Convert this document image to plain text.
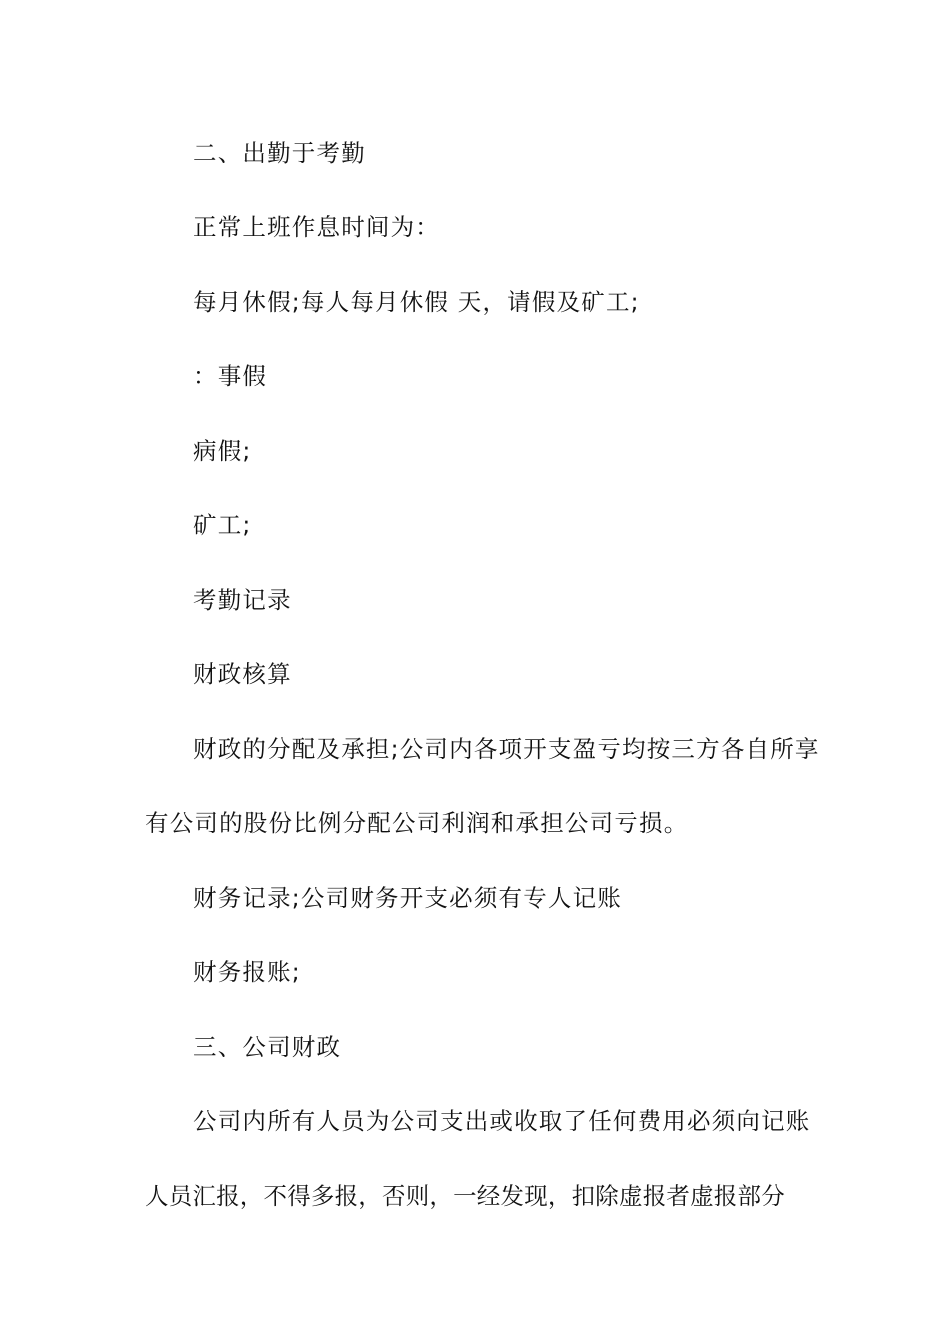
二、出勤于考勤
正常上班作息时间为：
每月休假;每人每月休假 天，请假及矿工;
：事假
病假;
矿工;
考勤记录
财政核算
财政的分配及承担;公司内各项开支盈亏均按三方各自所享
有公司的股份比例分配公司利润和承担公司亏损。
财务记录;公司财务开支必须有专人记账
财务报账;
三、公司财政
公司内所有人员为公司支出或收取了任何费用必须向记账
人员汇报，不得多报，否则，一经发现，扣除虚报者虚报部分
